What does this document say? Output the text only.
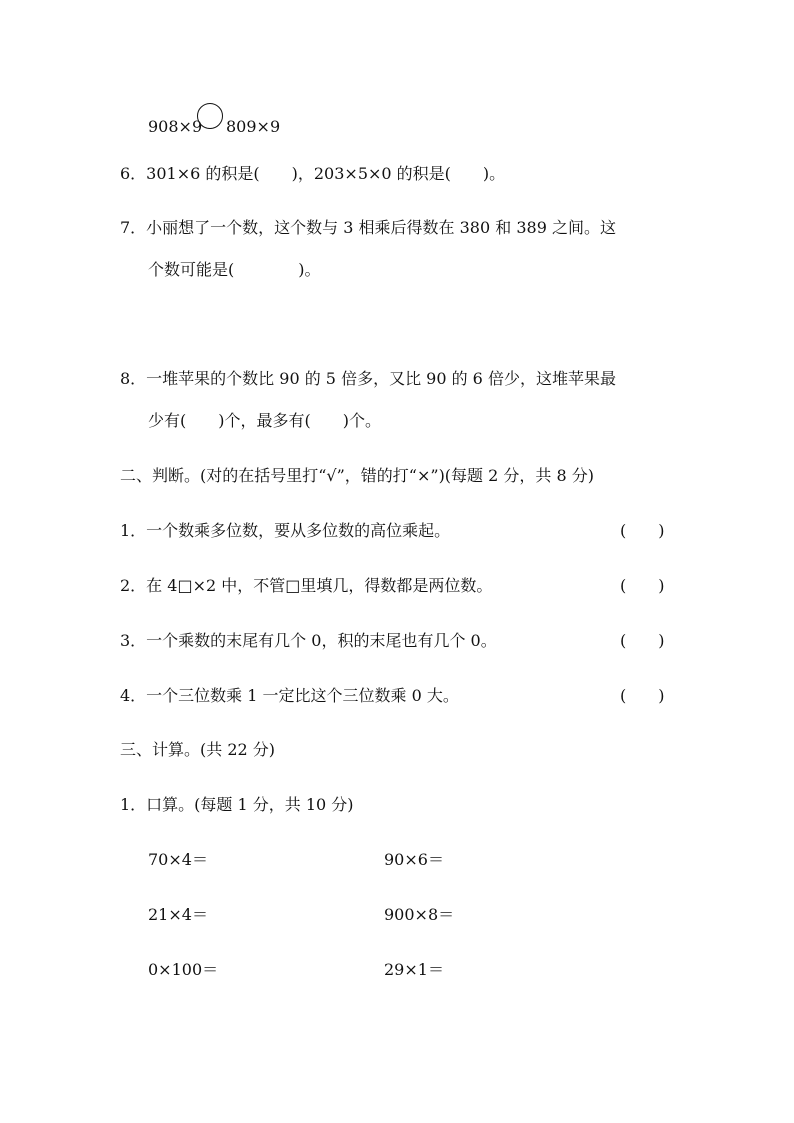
908×9 809×9
6．301×6 的积是(　　)，203×5×0 的积是(　　)。
7．小丽想了一个数，这个数与 3 相乘后得数在 380 和 389 之间。这
个数可能是(　　　　)。
8．一堆苹果的个数比 90 的 5 倍多，又比 90 的 6 倍少，这堆苹果最
少有(　　)个，最多有(　　)个。
二、判断。(对的在括号里打“√”，错的打“×”)(每题 2 分，共 8 分)
1．一个数乘多位数，要从多位数的高位乘起。	(　　)
2．在 4□×2 中，不管□里填几，得数都是两位数。	(　　)
3．一个乘数的末尾有几个 0，积的末尾也有几个 0。	(　　)
4．一个三位数乘 1 一定比这个三位数乘 0 大。	(　　)
三、计算。(共 22 分)
1．口算。(每题 1 分，共 10 分)
70×4＝	90×6＝
21×4＝	900×8＝
0×100＝	29×1＝
